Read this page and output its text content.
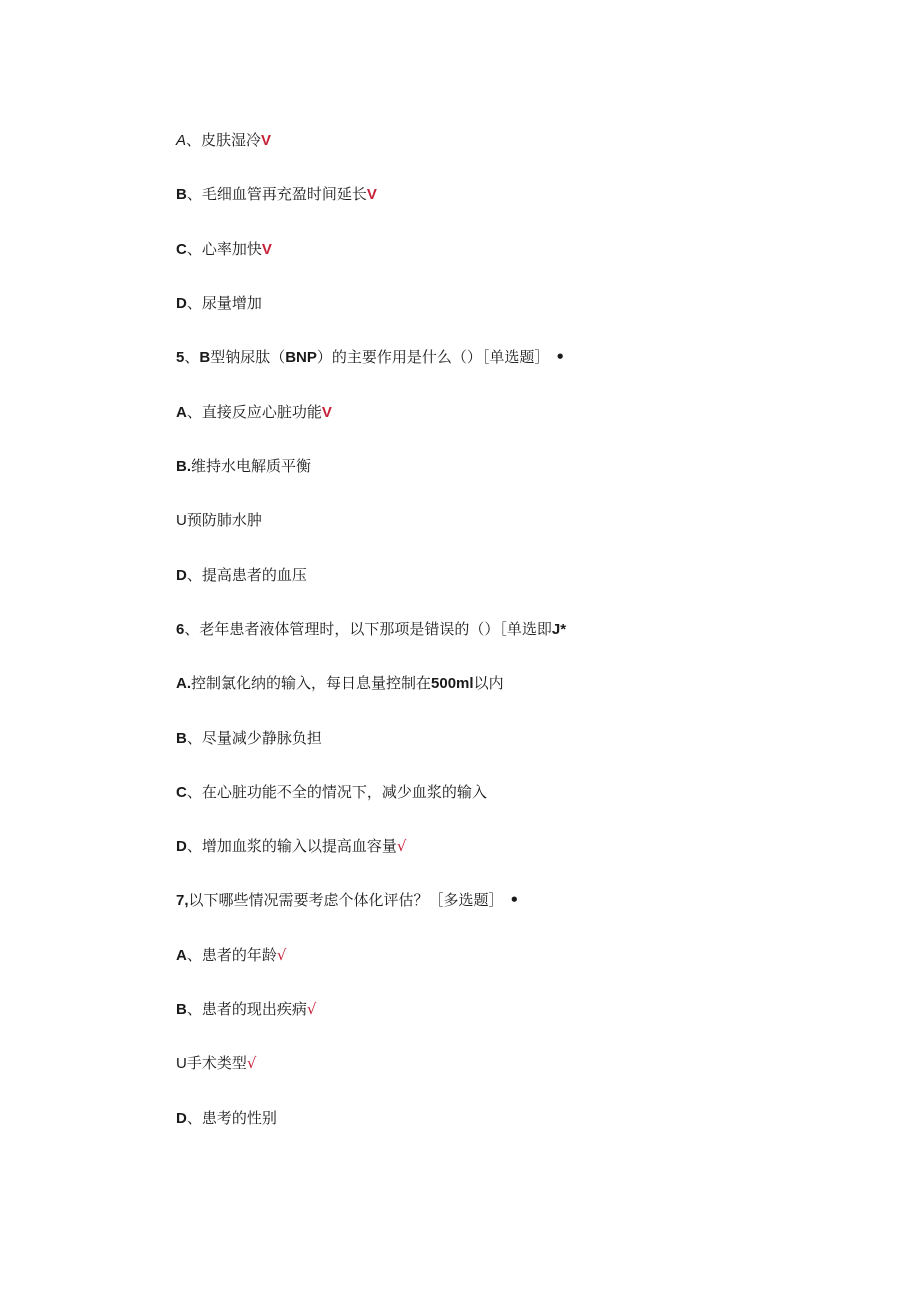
A、皮肤湿冷V
B、毛细血管再充盈时间延长V
C、心率加快V
D、尿量增加
5、B型钠尿肽（BNP）的主要作用是什么（）［单选题］ •
A、直接反应心脏功能V
B.维持水电解质平衡
U预防肺水肿
D、提高患者的血压
6、老年患者液体管理时，以下那项是错误的（）［单选即J*
A.控制氯化纳的输入，每日息量控制在500ml以内
B、尽量减少静脉负担
C、在心脏功能不全的情况下，减少血浆的输入
D、增加血浆的输入以提高血容量√
7,以下哪些情况需要考虑个体化评估？［多选题］ •
A、患者的年龄√
B、患者的现出疾病√
U手术类型√
D、患考的性别
